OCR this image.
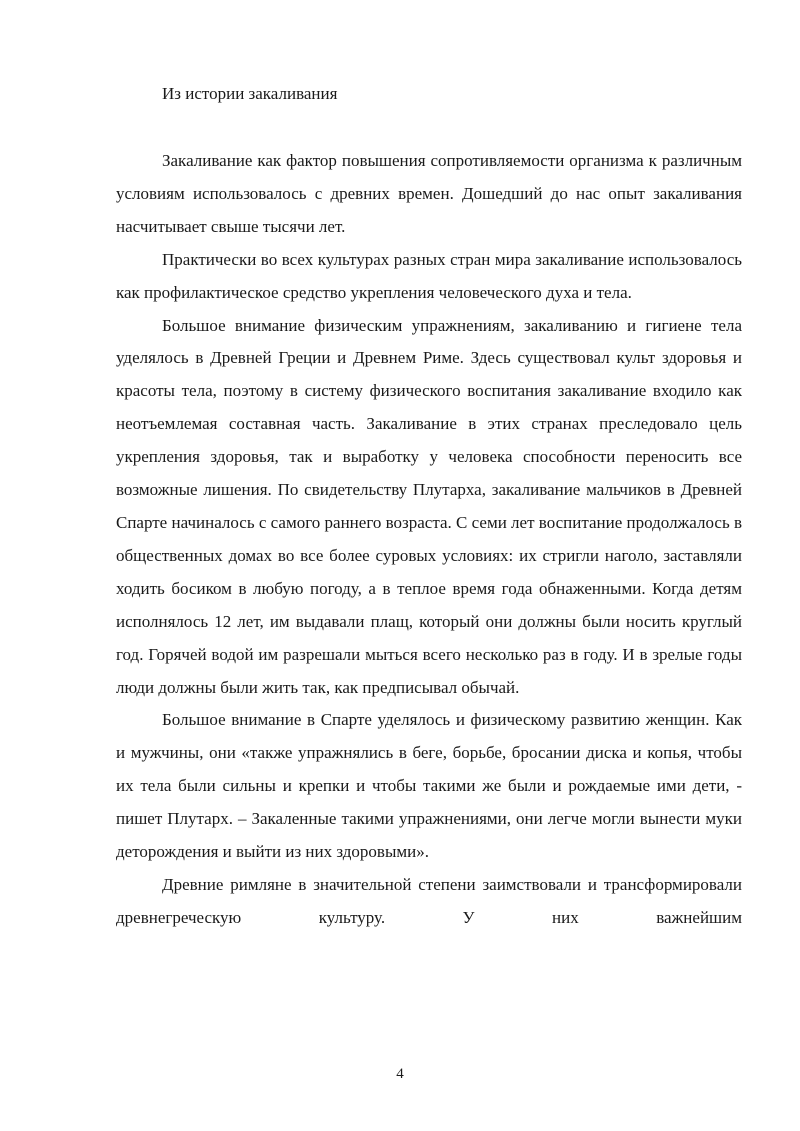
Из истории закаливания

Закаливание как фактор повышения сопротивляемости организма к различным условиям использовалось с древних времен. Дошедший до нас опыт закаливания насчитывает свыше тысячи лет.

Практически во всех культурах разных стран мира закаливание использовалось как профилактическое средство укрепления человеческого духа и тела.

Большое внимание физическим упражнениям, закаливанию и гигиене тела уделялось в Древней Греции и Древнем Риме. Здесь существовал культ здоровья и красоты тела, поэтому в систему физического воспитания закаливание входило как неотъемлемая составная часть. Закаливание в этих странах преследовало цель укрепления здоровья, так и выработку у человека способности переносить все возможные лишения. По свидетельству Плутарха, закаливание мальчиков в Древней Спарте начиналось с самого раннего возраста. С семи лет воспитание продолжалось в общественных домах во все более суровых условиях: их стригли наголо, заставляли ходить босиком в любую погоду, а в теплое время года обнаженными. Когда детям исполнялось 12 лет, им выдавали плащ, который они должны были носить круглый год. Горячей водой им разрешали мыться всего несколько раз в году. И в зрелые годы люди должны были жить так, как предписывал обычай.

Большое внимание в Спарте уделялось и физическому развитию женщин. Как и мужчины, они «также упражнялись в беге, борьбе, бросании диска и копья, чтобы их тела были сильны и крепки и чтобы такими же были и рождаемые ими дети, - пишет Плутарх. – Закаленные такими упражнениями, они легче могли вынести муки деторождения и выйти из них здоровыми».

Древние римляне в значительной степени заимствовали и трансформировали древнегреческую культуру. У них важнейшим

4
